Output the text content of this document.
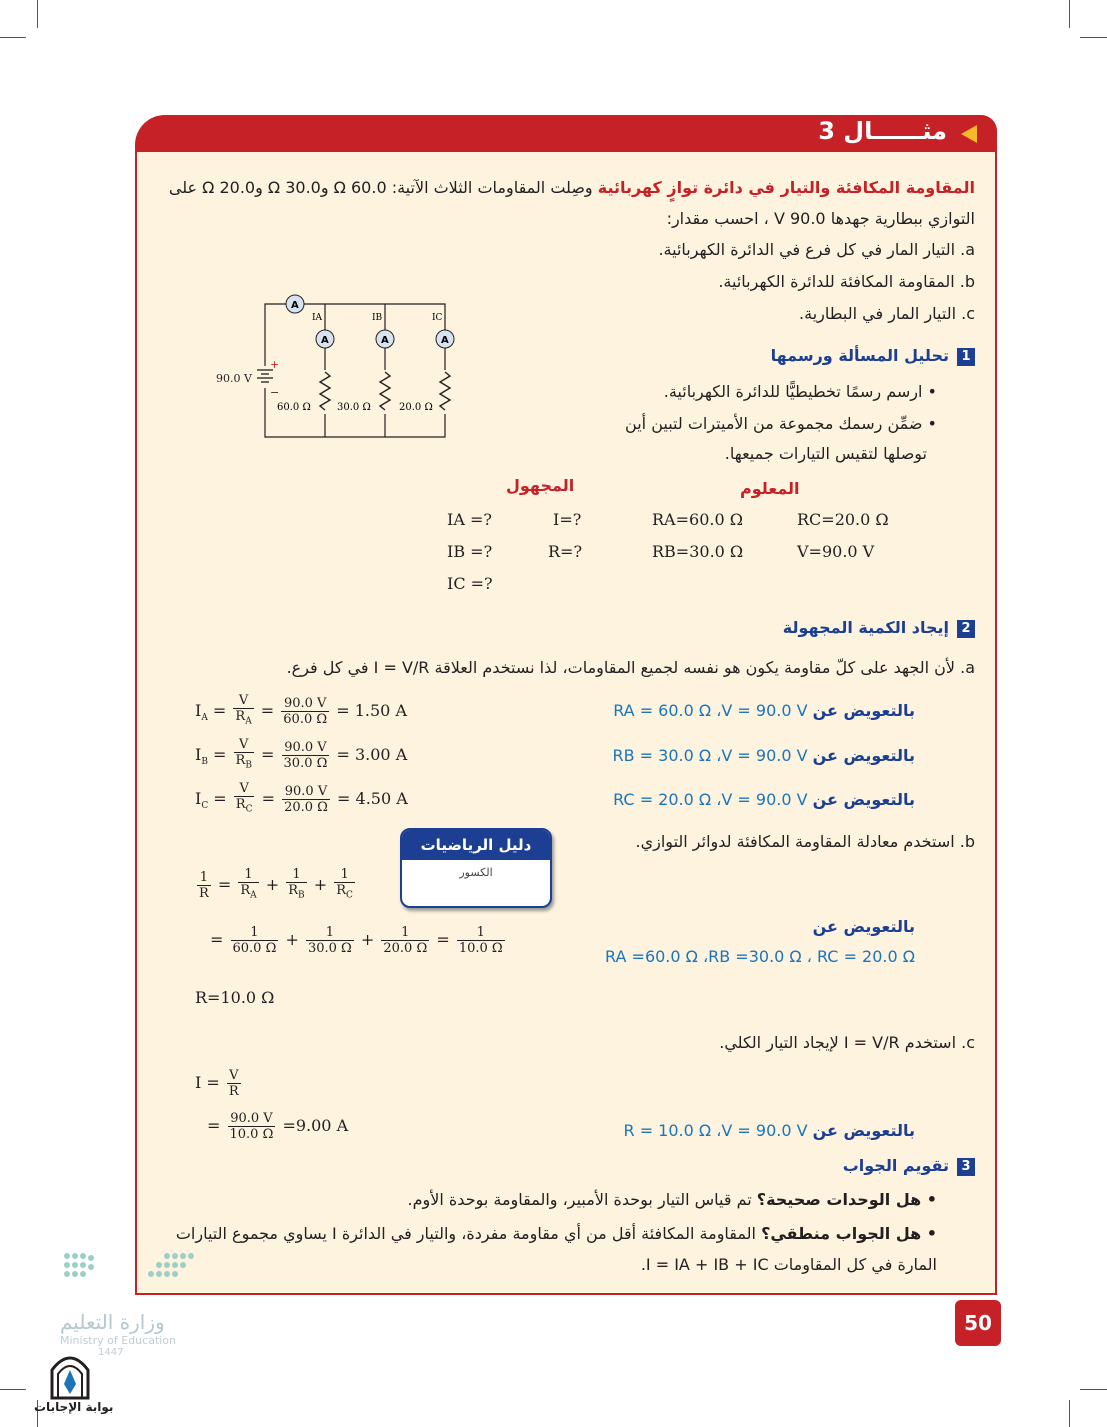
مثــــــال 3
المقاومة المكافئة والتيار في دائرة توازٍ كهربائية وصِلت المقاومات الثلاث الآتية: 60.0 Ω و30.0 Ω و20.0 Ω على
التوازي ببطارية جهدها 90.0 V ، احسب مقدار:
a. التيار المار في كل فرع في الدائرة الكهربائية.
b. المقاومة المكافئة للدائرة الكهربائية.
c. التيار المار في البطارية.
90.0 V
+
−
A
A	A	A
IA	IB	IC
60.0 Ω	30.0 Ω	20.0 Ω
1تحليل المسألة ورسمها
• ارسم رسمًا تخطيطيًّا للدائرة الكهربائية.
• ضمِّن رسمك مجموعة من الأميترات لتبين أين
توصلها لتقيس التيارات جميعها.
المعلوم
المجهول
RA=60.0 Ω	RC=20.0 Ω
RB=30.0 Ω	V=90.0 V
IA =?	I=?
IB =?	R=?
IC =?
2إيجاد الكمية المجهولة
a. لأن الجهد على كلّ مقاومة يكون هو نفسه لجميع المقاومات، لذا نستخدم العلاقة I = V/R في كل فرع.
بالتعويض عن RA = 60.0 Ω ،V = 90.0 V
بالتعويض عن RB = 30.0 Ω ،V = 90.0 V
بالتعويض عن RC = 20.0 Ω ،V = 90.0 V
$I_A = \frac{V}{R_A} = \frac{90.0 V}{60.0 \Omega} = 1.50$ A
$I_B = \frac{V}{R_B} = \frac{90.0 V}{30.0 \Omega} = 3.00$ A
$I_C = \frac{V}{R_C} = \frac{90.0 V}{20.0 \Omega} = 4.50$ A
b. استخدم معادلة المقاومة المكافئة لدوائر التوازي.
دليل الرياضيات
الكسور
$\frac{1}{R} = \frac{1}{R_A} + \frac{1}{R_B} + \frac{1}{R_C}$
= $\frac{1}{60.0 \Omega} + \frac{1}{30.0 \Omega} + \frac{1}{20.0 \Omega} = \frac{1}{10.0 \Omega}$	بالتعويض عن
RA =60.0 Ω ،RB =30.0 Ω ، RC = 20.0 Ω
R=10.0 Ω
c. استخدم I = V/R لإيجاد التيار الكلي.
$I = \frac{V}{R}$
= $\frac{90.0 V}{10.0 \Omega} =9.00$ A	بالتعويض عن R = 10.0 Ω ،V = 90.0 V
3تقويم الجواب
• هل الوحدات صحيحة؟ تم قياس التيار بوحدة الأمبير، والمقاومة بوحدة الأوم.
• هل الجواب منطقي؟ المقاومة المكافئة أقل من أي مقاومة مفردة، والتيار في الدائرة I يساوي مجموع التيارات
المارة في كل المقاومات I = IA + IB + IC.
50
وزارة التعليم
Ministry of Education
1447
بوابة الإجابات
